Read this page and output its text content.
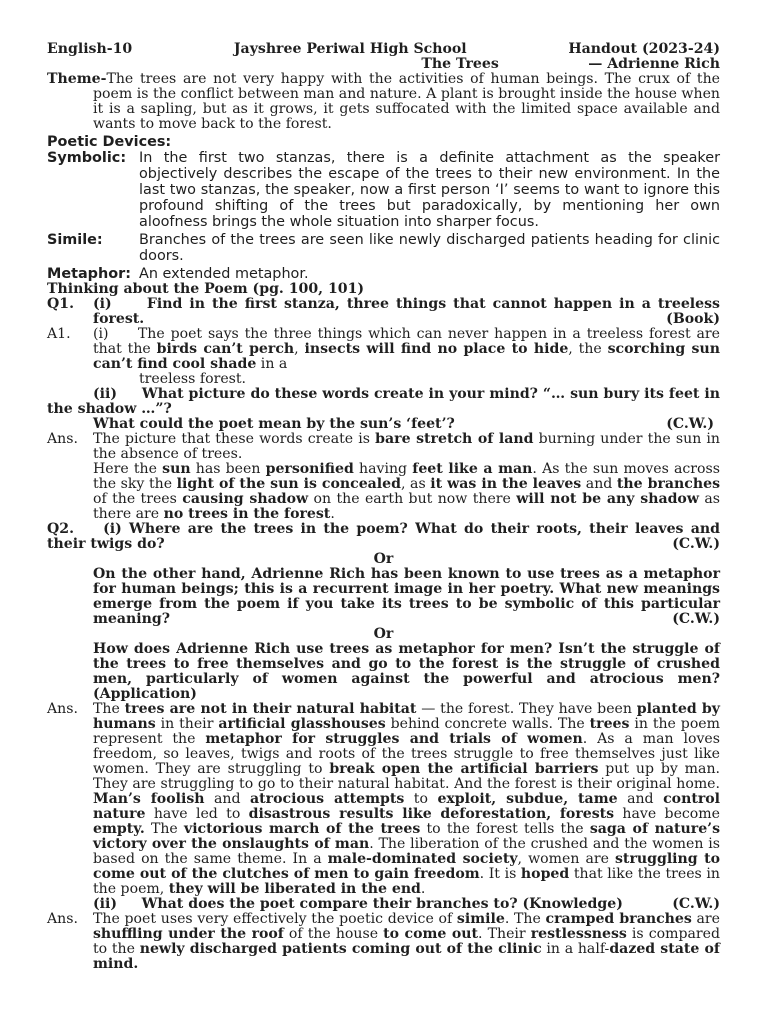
English-10	Jayshree Periwal High School	Handout (2023-24)
The Trees	— Adrienne Rich
Theme-The trees are not very happy with the activities of human beings. The crux of the poem is the conflict between man and nature. A plant is brought inside the house when it is a sapling, but as it grows, it gets suffocated with the limited space available and wants to move back to the forest.
Poetic Devices:
Symbolic: In the first two stanzas, there is a definite attachment as the speaker objectively describes the escape of the trees to their new environment. In the last two stanzas, the speaker, now a first person ‘I’ seems to want to ignore this profound shifting of the trees but paradoxically, by mentioning her own aloofness brings the whole situation into sharper focus.
Simile:	Branches of the trees are seen like newly discharged patients heading for clinic doors.
Metaphor: An extended metaphor.
Thinking about the Poem (pg. 100, 101)
Q1.	(i) Find in the first stanza, three things that cannot happen in a treeless forest.	(Book)
A1.	(i) The poet says the three things which can never happen in a treeless forest are that the birds can’t perch, insects will find no place to hide, the scorching sun can’t find cool shade in a
treeless forest.
(ii) What picture do these words create in your mind? “… sun bury its feet in the shadow …”?
What could the poet mean by the sun’s ‘feet’?	(C.W.)
Ans.	The picture that these words create is bare stretch of land burning under the sun in the absence of trees.
Here the sun has been personified having feet like a man. As the sun moves across the sky the light of the sun is concealed, as it was in the leaves and the branches of the trees causing shadow on the earth but now there will not be any shadow as there are no trees in the forest.
Q2. (i) Where are the trees in the poem? What do their roots, their leaves and their twigs do?	(C.W.)
Or
On the other hand, Adrienne Rich has been known to use trees as a metaphor for human beings; this is a recurrent image in her poetry. What new meanings emerge from the poem if you take its trees to be symbolic of this particular meaning?	(C.W.)
Or
How does Adrienne Rich use trees as metaphor for men? Isn’t the struggle of the trees to free themselves and go to the forest is the struggle of crushed men, particularly of women against the powerful and atrocious men? (Application)
Ans.	The trees are not in their natural habitat — the forest. They have been planted by humans in their artificial glasshouses behind concrete walls. The trees in the poem represent the metaphor for struggles and trials of women. As a man loves freedom, so leaves, twigs and roots of the trees struggle to free themselves just like women. They are struggling to break open the artificial barriers put up by man. They are struggling to go to their natural habitat. And the forest is their original home. Man’s foolish and atrocious attempts to exploit, subdue, tame and control nature have led to disastrous results like deforestation, forests have become empty. The victorious march of the trees to the forest tells the saga of nature’s victory over the onslaughts of man. The liberation of the crushed and the women is based on the same theme. In a male-dominated society, women are struggling to come out of the clutches of men to gain freedom. It is hoped that like the trees in the poem, they will be liberated in the end.
(ii) What does the poet compare their branches to? (Knowledge)	(C.W.)
Ans.	The poet uses very effectively the poetic device of simile. The cramped branches are shuffling under the roof of the house to come out. Their restlessness is compared to the newly discharged patients coming out of the clinic in a half-dazed state of mind.
